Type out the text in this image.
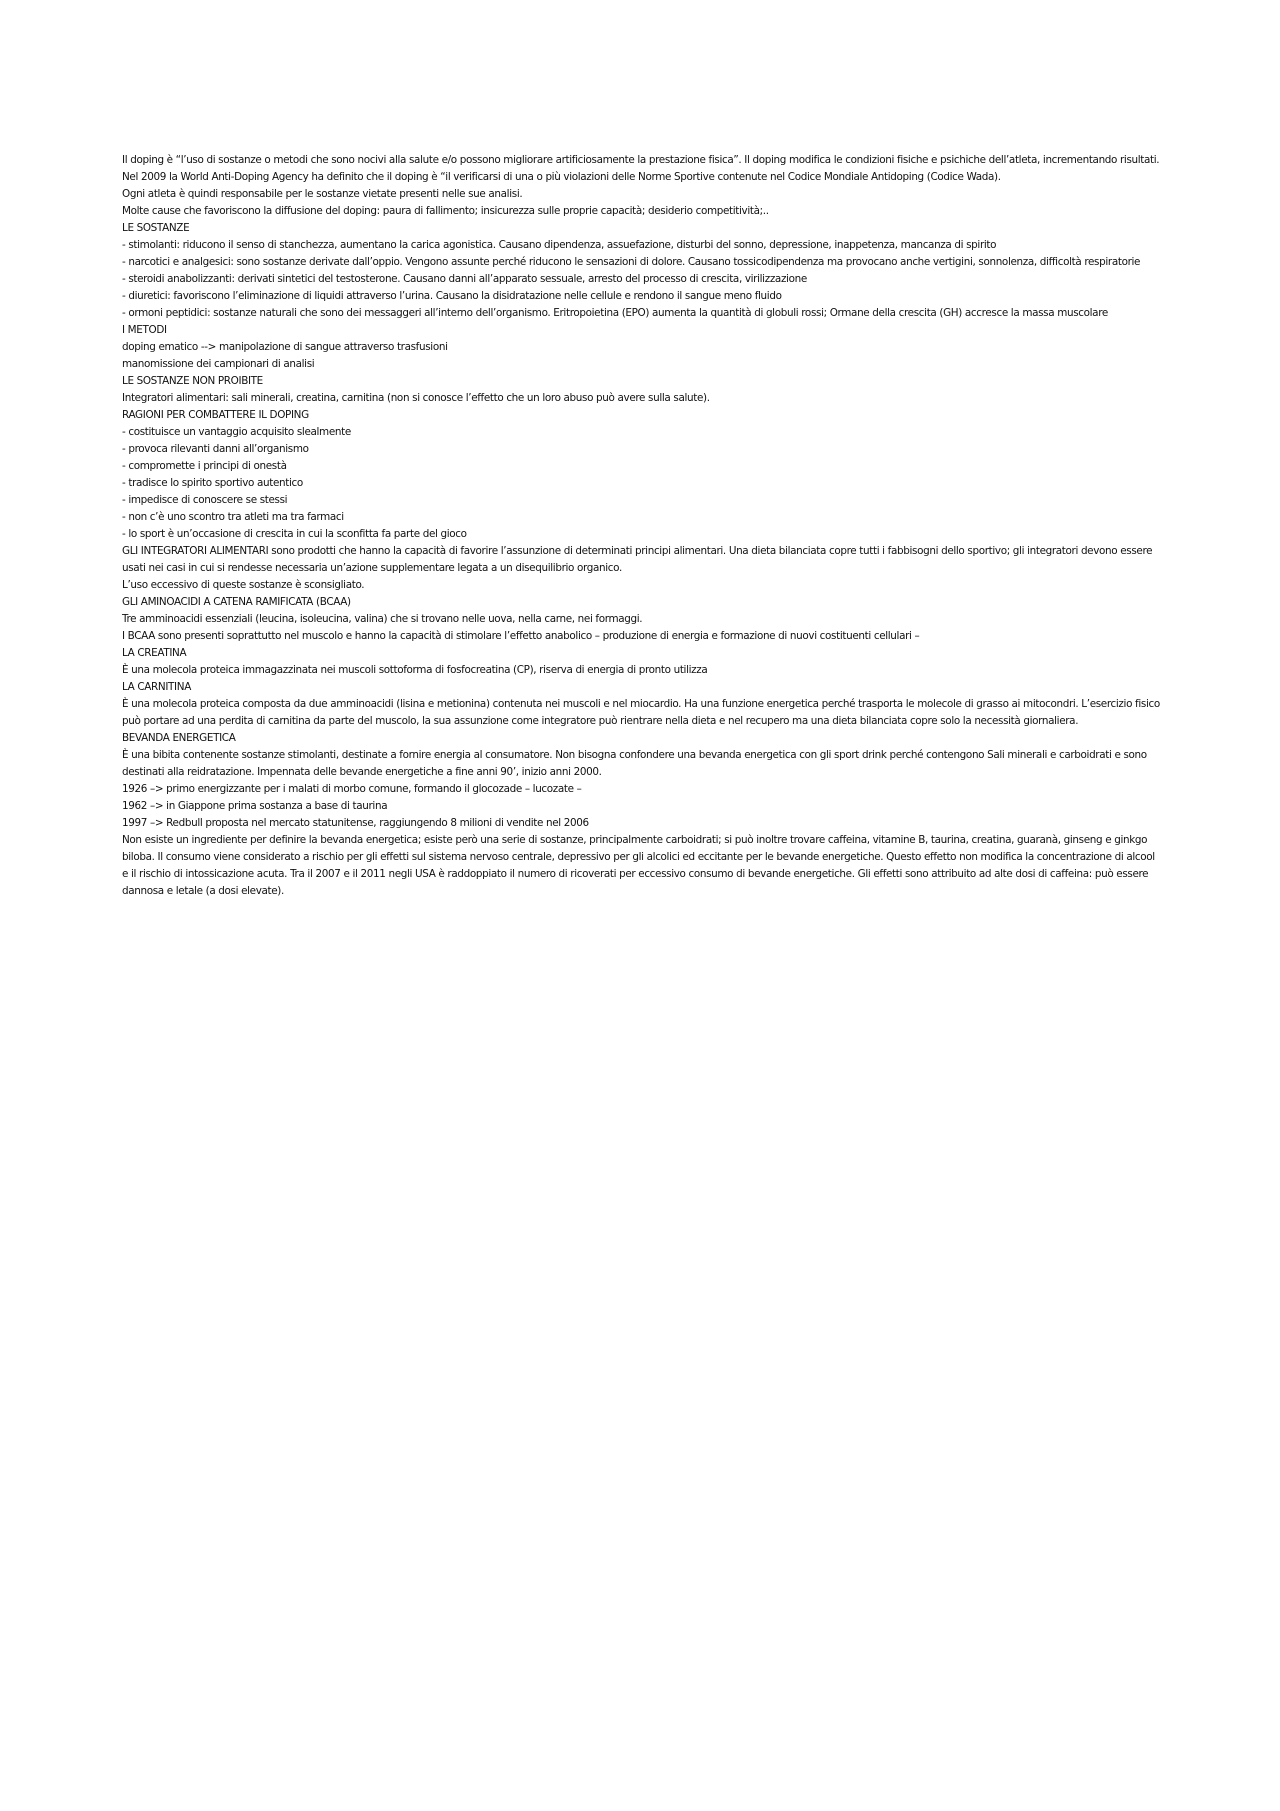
Il doping è “l’uso di sostanze o metodi che sono nocivi alla salute e/o possono migliorare artificiosamente la prestazione fisica”. Il doping modifica le condizioni fisiche e psichiche dell’atleta, incrementando risultati. Nel 2009 la World Anti-Doping Agency ha definito che il doping è “il verificarsi di una o più violazioni delle Norme Sportive contenute nel Codice Mondiale Antidoping (Codice Wada).

Ogni atleta è quindi responsabile per le sostanze vietate presenti nelle sue analisi.

Molte cause che favoriscono la diffusione del doping: paura di fallimento; insicurezza sulle proprie capacità; desiderio competitività;..

LE SOSTANZE

- stimolanti: riducono il senso di stanchezza, aumentano la carica agonistica. Causano dipendenza, assuefazione, disturbi del sonno, depressione, inappetenza, mancanza di spirito

- narcotici e analgesici: sono sostanze derivate dall’oppio. Vengono assunte perché riducono le sensazioni di dolore. Causano tossicodipendenza ma provocano anche vertigini, sonnolenza, difficoltà respiratorie

- steroidi anabolizzanti: derivati sintetici del testosterone. Causano danni all’apparato sessuale, arresto del processo di crescita, virilizzazione

- diuretici: favoriscono l’eliminazione di liquidi attraverso l’urina. Causano la disidratazione nelle cellule e rendono il sangue meno fluido

- ormoni peptidici: sostanze naturali che sono dei messaggeri all’interno dell’organismo. Eritropoietina (EPO) aumenta la quantità di globuli rossi; Ormane della crescita (GH) accresce la massa muscolare

I METODI

doping ematico --> manipolazione di sangue attraverso trasfusioni

manomissione dei campionari di analisi

LE SOSTANZE NON PROIBITE

Integratori alimentari: sali minerali, creatina, carnitina (non si conosce l’effetto che un loro abuso può avere sulla salute).

RAGIONI PER COMBATTERE IL DOPING

- costituisce un vantaggio acquisito slealmente

- provoca rilevanti danni all’organismo

- compromette i principi di onestà

- tradisce lo spirito sportivo autentico

- impedisce di conoscere se stessi

- non c’è uno scontro tra atleti ma tra farmaci

- lo sport è un’occasione di crescita in cui la sconfitta fa parte del gioco

GLI INTEGRATORI ALIMENTARI sono prodotti che hanno la capacità di favorire l’assunzione di determinati principi alimentari. Una dieta bilanciata copre tutti i fabbisogni dello sportivo; gli integratori devono essere usati nei casi in cui si rendesse necessaria un’azione supplementare legata a un disequilibrio organico.

L’uso eccessivo di queste sostanze è sconsigliato.

GLI AMINOACIDI A CATENA RAMIFICATA (BCAA)

Tre amminoacidi essenziali (leucina, isoleucina, valina) che si trovano nelle uova, nella carne, nei formaggi.

I BCAA sono presenti soprattutto nel muscolo e hanno la capacità di stimolare l’effetto anabolico – produzione di energia e formazione di nuovi costituenti cellulari –

LA CREATINA

È una molecola proteica immagazzinata nei muscoli sottoforma di fosfocreatina (CP), riserva di energia di pronto utilizza

LA CARNITINA

È una molecola proteica composta da due amminoacidi (lisina e metionina) contenuta nei muscoli e nel miocardio. Ha una funzione energetica perché trasporta le molecole di grasso ai mitocondri. L’esercizio fisico può portare ad una perdita di carnitina da parte del muscolo, la sua assunzione come integratore può rientrare nella dieta e nel recupero ma una dieta bilanciata copre solo la necessità giornaliera.

BEVANDA ENERGETICA

È una bibita contenente sostanze stimolanti, destinate a fornire energia al consumatore. Non bisogna confondere una bevanda energetica con gli sport drink perché contengono Sali minerali e carboidrati e sono destinati alla reidratazione. Impennata delle bevande energetiche a fine anni 90’, inizio anni 2000.

1926 –> primo energizzante per i malati di morbo comune, formando il glocozade – lucozate –

1962 –> in Giappone prima sostanza a base di taurina

1997 –> Redbull proposta nel mercato statunitense, raggiungendo 8 milioni di vendite nel 2006

Non esiste un ingrediente per definire la bevanda energetica; esiste però una serie di sostanze, principalmente carboidrati; si può inoltre trovare caffeina, vitamine B, taurina, creatina, guaranà, ginseng e ginkgo biloba. Il consumo viene considerato a rischio per gli effetti sul sistema nervoso centrale, depressivo per gli alcolici ed eccitante per le bevande energetiche. Questo effetto non modifica la concentrazione di alcool e il rischio di intossicazione acuta. Tra il 2007 e il 2011 negli USA è raddoppiato il numero di ricoverati per eccessivo consumo di bevande energetiche. Gli effetti sono attribuito ad alte dosi di caffeina: può essere dannosa e letale (a dosi elevate).
